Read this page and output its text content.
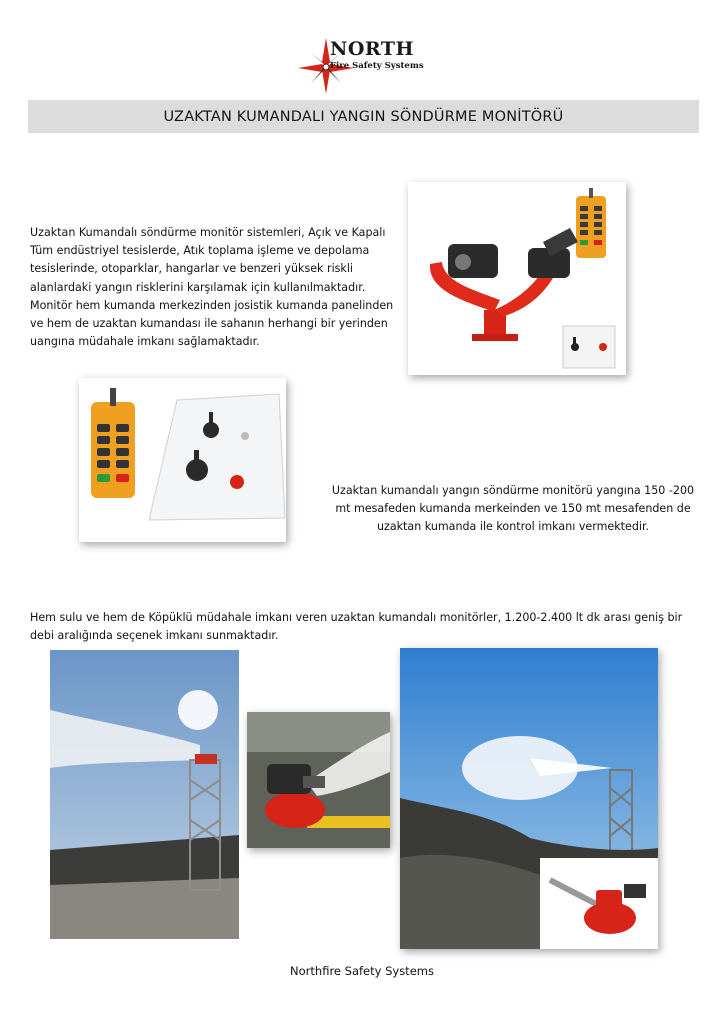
NORTH
Fire Safety Systems
UZAKTAN KUMANDALI YANGIN SÖNDÜRME MONİTÖRÜ
Uzaktan Kumandalı söndürme monitör sistemleri, Açık ve Kapalı Tüm endüstriyel tesislerde, Atık toplama işleme ve depolama tesislerinde, otoparklar, hangarlar ve benzeri yüksek riskli alanlardaki yangın risklerini karşılamak için kullanılmaktadır. Monitör hem kumanda merkezinden josistik kumanda panelinden ve hem de uzaktan kumandası ile sahanın herhangi bir yerinden uangına müdahale imkanı sağlamaktadır.
Uzaktan kumandalı yangın söndürme monitörü yangına 150 -200 mt mesafeden kumanda merkeinden ve 150 mt mesafenden de uzaktan kumanda ile kontrol imkanı vermektedir.
Hem sulu ve hem de Köpüklü müdahale imkanı veren uzaktan kumandalı monitörler, 1.200-2.400 lt dk arası geniş bir debi aralığında seçenek imkanı sunmaktadır.
Northfire Safety Systems
